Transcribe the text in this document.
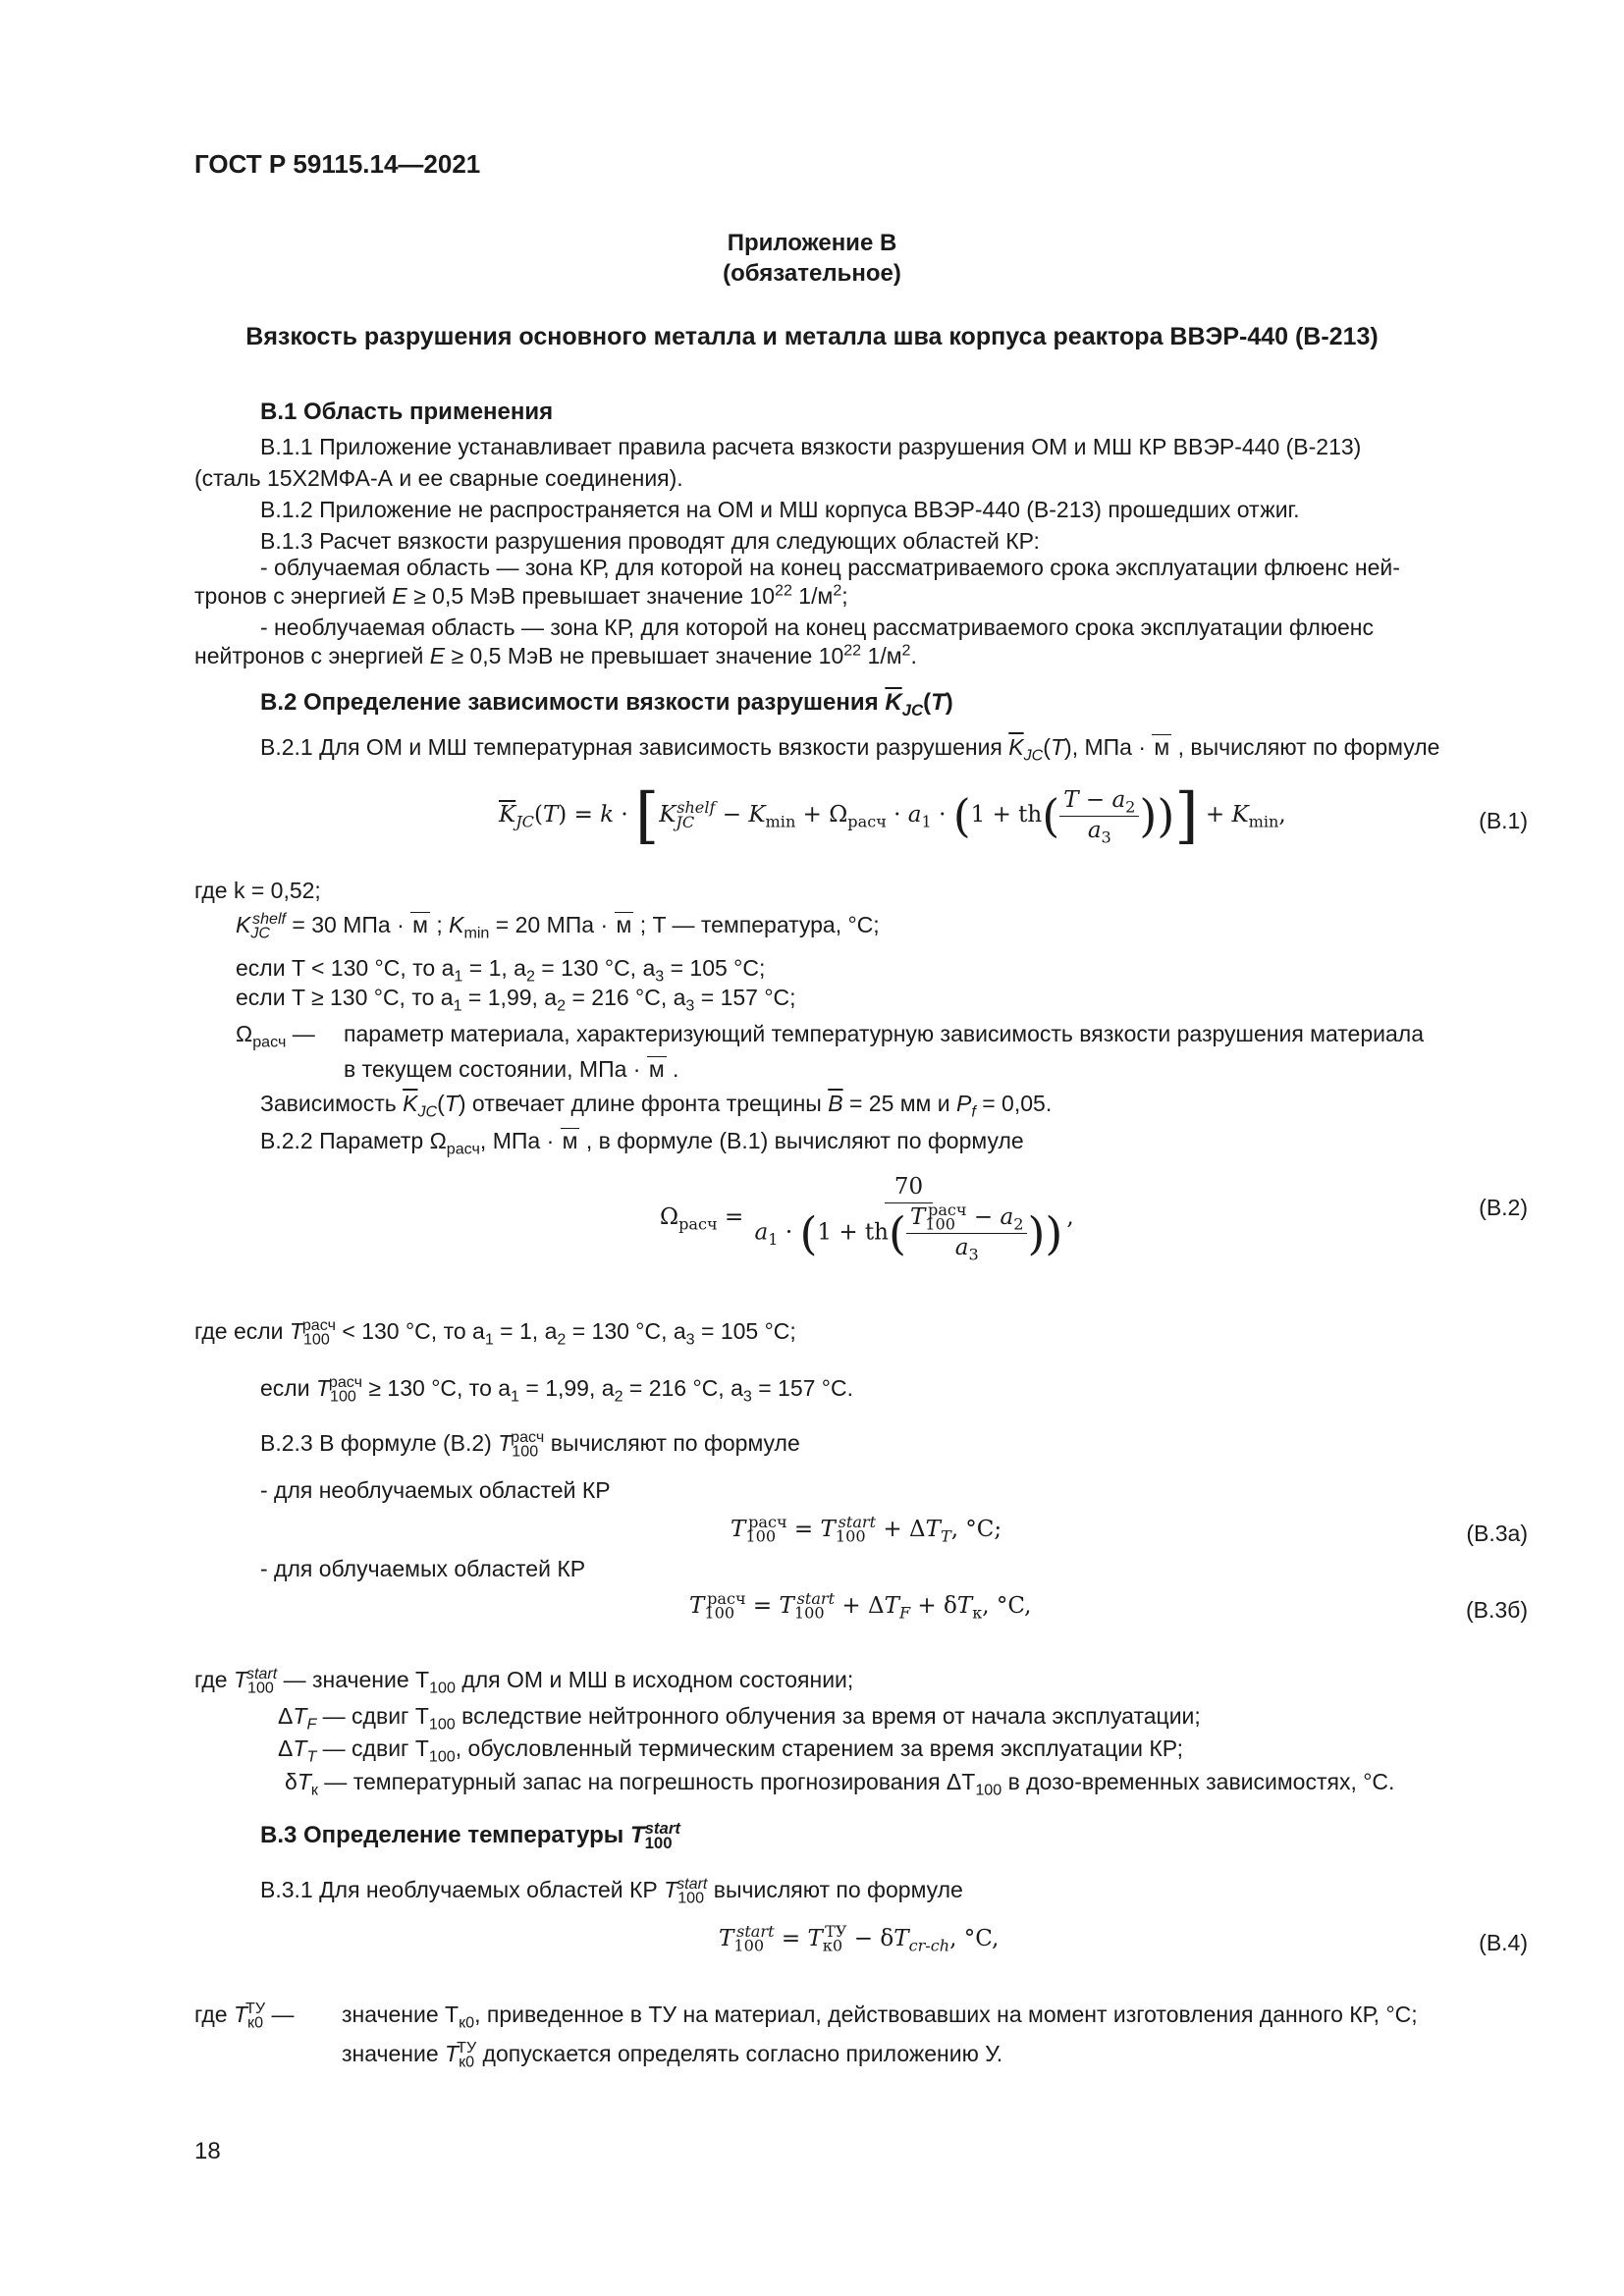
ГОСТ Р 59115.14—2021
Приложение В
(обязательное)
Вязкость разрушения основного металла и металла шва корпуса реактора ВВЭР-440 (В-213)
В.1 Область применения
В.1.1 Приложение устанавливает правила расчета вязкости разрушения ОМ и МШ КР ВВЭР-440 (В-213)
(сталь 15Х2МФА-А и ее сварные соединения).
В.1.2 Приложение не распространяется на ОМ и МШ корпуса ВВЭР-440 (В-213) прошедших отжиг.
В.1.3 Расчет вязкости разрушения проводят для следующих областей КР:
- облучаемая область — зона КР, для которой на конец рассматриваемого срока эксплуатации флюенс ней-
тронов с энергией E ≥ 0,5 МэВ превышает значение $10^{22}$ $1/м^2$;
- необлучаемая область — зона КР, для которой на конец рассматриваемого срока эксплуатации флюенс
нейтронов с энергией E ≥ 0,5 МэВ не превышает значение $10^{22}$ $1/м^2$.
В.2 Определение зависимости вязкости разрушения $\overline{K}_{JC}(T)$
В.2.1 Для ОМ и МШ температурная зависимость вязкости разрушения $\overline{K}_{JC}(T)$, МПа · м , вычисляют по формуле
$\overline{K}_{JC}(T) = k \cdot [K_{JC}^{shelf} - K_{min} + \Omega_{расч} \cdot a_1 \cdot (1 + th( \frac{T - a_2}{a_3}$ ))] + $K_{min}$,	(В.1)
где k = 0,52;
$K_{JC}^{shelf} = 30$ МПа · м ; $K_{min} = 20$ МПа · м ; T — температура, °С;
если T < 130 °С, то $a_1 = 1$, $a_2 = 130$ °С, $a_3 = 105$ °С;
если T ≥ 130 °С, то $a_1 = 1,99$, $a_2 = 216$ °С, $a_3 = 157$ °С;
$\Omega_{расч}$ — параметр материала, характеризующий температурную зависимость вязкости разрушения материала
в текущем состоянии, МПа · м .
Зависимость $\overline{K}_{JC}(T)$ отвечает длине фронта трещины $\overline{B} = 25$ мм и $P_f = 0,05$.
В.2.2 Параметр $\Omega_{расч}$, МПа · м , в формуле (В.1) вычисляют по формуле
$\Omega_{расч} = \frac{70}{a_1 \cdot (1 + th( \frac{T_{100}^{расч} - a_2}{a_3} ))}$ ,	(В.2)
где если $T_{100}^{расч} < 130$ °С, то $a_1 = 1$, $a_2 = 130$ °С, $a_3 = 105$ °С;
если $T_{100}^{расч} \ge 130$ °С, то $a_1 = 1,99$, $a_2 = 216$ °С, $a_3 = 157$ °С.
В.2.3 В формуле (В.2) $T_{100}^{расч}$ вычисляют по формуле
- для необлучаемых областей КР
$T_{100}^{расч} = T_{100}^{start} + \Delta T_T$, °C;	(В.3а)
- для облучаемых областей КР
$T_{100}^{расч} = T_{100}^{start} + \Delta T_F + \delta T_к$, °C,	(В.3б)
где $T_{100}^{start}$ — значение $T_{100}$ для ОМ и МШ в исходном состоянии;
$\Delta T_F$ — сдвиг $T_{100}$ вследствие нейтронного облучения за время от начала эксплуатации;
$\Delta T_T$ — сдвиг $T_{100}$, обусловленный термическим старением за время эксплуатации КР;
$\delta T_к$ — температурный запас на погрешность прогнозирования $\Delta T_{100}$ в дозо-временных зависимостях, °С.
В.3 Определение температуры $T_{100}^{start}$
В.3.1 Для необлучаемых областей КР $T_{100}^{start}$ вычисляют по формуле
$T_{100}^{start} = T_{к0}^{ТУ} - \delta T_{cr-ch}$, °C,	(В.4)
где $T_{к0}^{ТУ}$ — значение $T_{к0}$, приведенное в ТУ на материал, действовавших на момент изготовления данного КР, °С;
значение $T_{к0}^{ТУ}$ допускается определять согласно приложению У.
18
